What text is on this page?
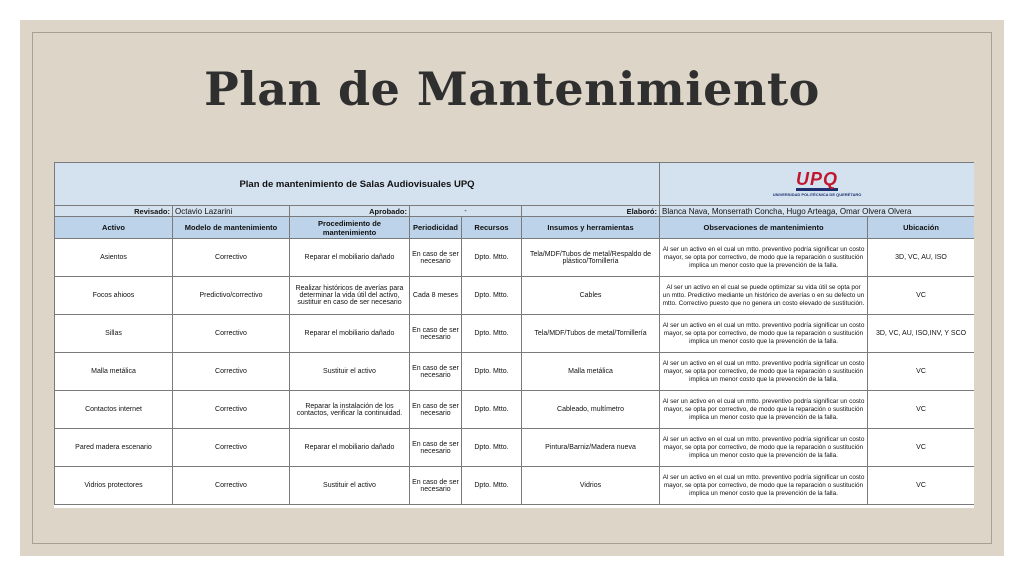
Plan de Mantenimiento
Plan de mantenimiento de Salas Audiovisuales UPQ						UPQ
UNIVERSIDAD POLITÉCNICA DE QUERÉTARO	

Revisado:	Octavio Lazarini	Aprobado:	-		Elaboró:	Blanca Nava, Monserrath Concha, Hugo Arteaga, Omar Olvera Olvera	
Activo	Modelo de mantenimiento	Procedimiento de mantenimiento	Periodicidad	Recursos	Insumos y herramientas	Observaciones de mantenimiento	Ubicación
Asientos	Correctivo	Reparar el mobiliario dañado	En caso de ser necesario	Dpto. Mtto.	Tela/MDF/Tubos de metal/Respaldo de plástico/Tornillería	Al ser un activo en el cual un mtto. preventivo podría significar un costo mayor, se opta por correctivo, de modo que la reparación o sustitución implica un menor costo que la prevención de la falla.	3D, VC, AU, ISO
Focos ahioos	Predictivo/correctivo	Realizar históricos de averías para determinar la vida útil del activo, sustituir en caso de ser necesario	Cada 8 meses	Dpto. Mtto.	Cables	Al ser un activo en el cual se puede optimizar su vida útil se opta por un mtto. Predictivo mediante un histórico de averías o en su defecto un mtto. Correctivo puesto que no genera un costo elevado de sustitución.	VC
Sillas	Correctivo	Reparar el mobiliario dañado	En caso de ser necesario	Dpto. Mtto.	Tela/MDF/Tubos de metal/Tornillería	Al ser un activo en el cual un mtto. preventivo podría significar un costo mayor, se opta por correctivo, de modo que la reparación o sustitución implica un menor costo que la prevención de la falla.	3D, VC, AU, ISO,INV, Y SCO
Malla metálica	Correctivo	Sustituir el activo	En caso de ser necesario	Dpto. Mtto.	Malla metálica	Al ser un activo en el cual un mtto. preventivo podría significar un costo mayor, se opta por correctivo, de modo que la reparación o sustitución implica un menor costo que la prevención de la falla.	VC
Contactos internet	Correctivo	Reparar la instalación de los contactos, verificar la continuidad.	En caso de ser necesario	Dpto. Mtto.	Cableado, multímetro	Al ser un activo en el cual un mtto. preventivo podría significar un costo mayor, se opta por correctivo, de modo que la reparación o sustitución implica un menor costo que la prevención de la falla.	VC
Pared madera escenario	Correctivo	Reparar el mobiliario dañado	En caso de ser necesario	Dpto. Mtto.	Pintura/Barniz/Madera nueva	Al ser un activo en el cual un mtto. preventivo podría significar un costo mayor, se opta por correctivo, de modo que la reparación o sustitución implica un menor costo que la prevención de la falla.	VC
Vidrios protectores	Correctivo	Sustituir el activo	En caso de ser necesario	Dpto. Mtto.	Vidrios	Al ser un activo en el cual un mtto. preventivo podría significar un costo mayor, se opta por correctivo, de modo que la reparación o sustitución implica un menor costo que la prevención de la falla.	VC
